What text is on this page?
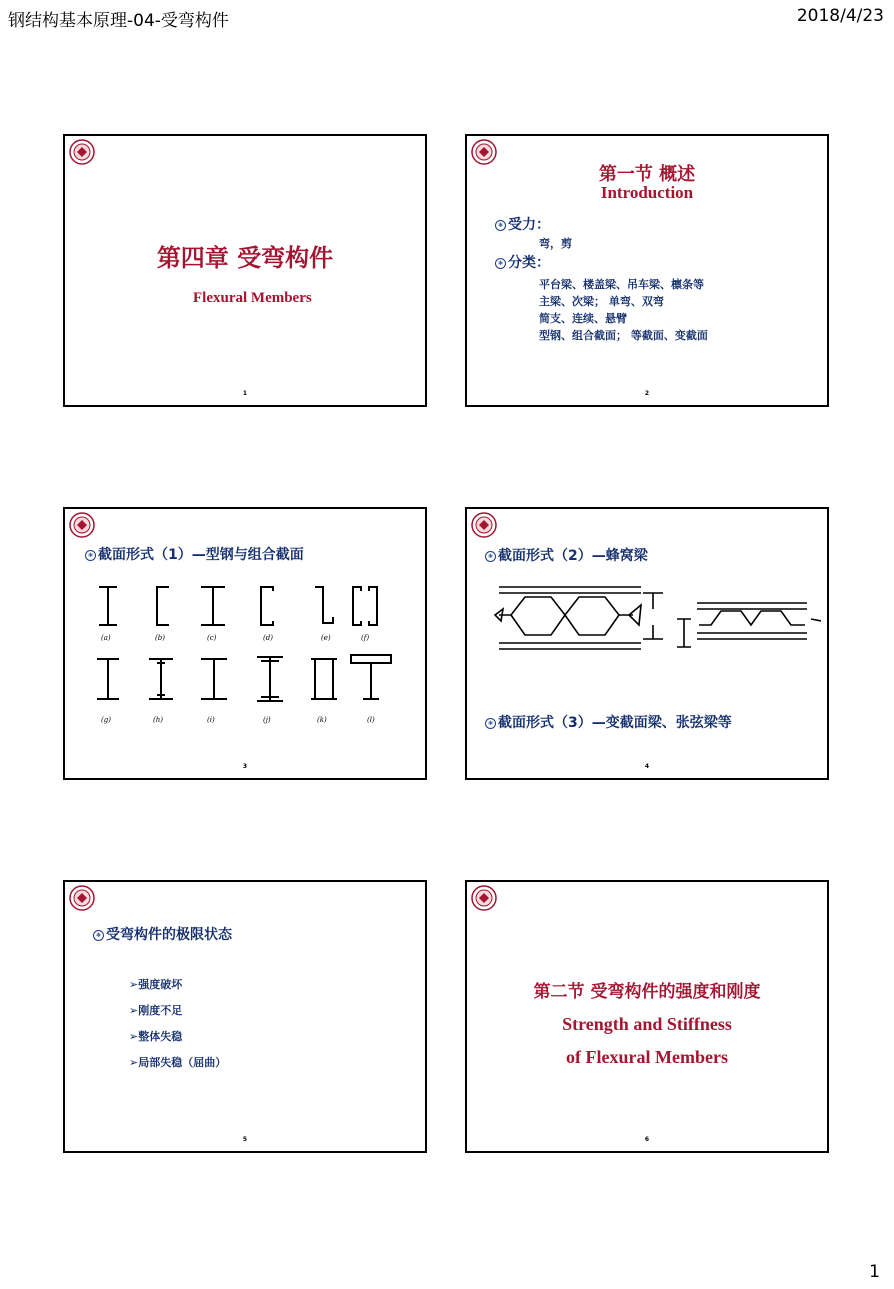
钢结构基本原理-04-受弯构件	2018/4/23
第四章 受弯构件
Flexural Members
1
第一节 概述
Introduction
❃ 受力：
弯，剪
❃ 分类：
平台梁、楼盖梁、吊车梁、檩条等
主梁、次梁； 单弯、双弯
简支、连续、悬臂
型钢、组合截面； 等截面、变截面
2
❃ 截面形式（1）—型钢与组合截面
(a)	(b)	(c)	(d)	(e)	(f)
(g)	(h)	(i)	(j)	(k)	(l)
3
❃ 截面形式（2）—蜂窝梁
❃ 截面形式（3）—变截面梁、张弦梁等
4
❃ 受弯构件的极限状态
➢强度破坏
➢刚度不足
➢整体失稳
➢局部失稳（屈曲）
5
第二节 受弯构件的强度和刚度
Strength and Stiffness
of Flexural Members
6
1
